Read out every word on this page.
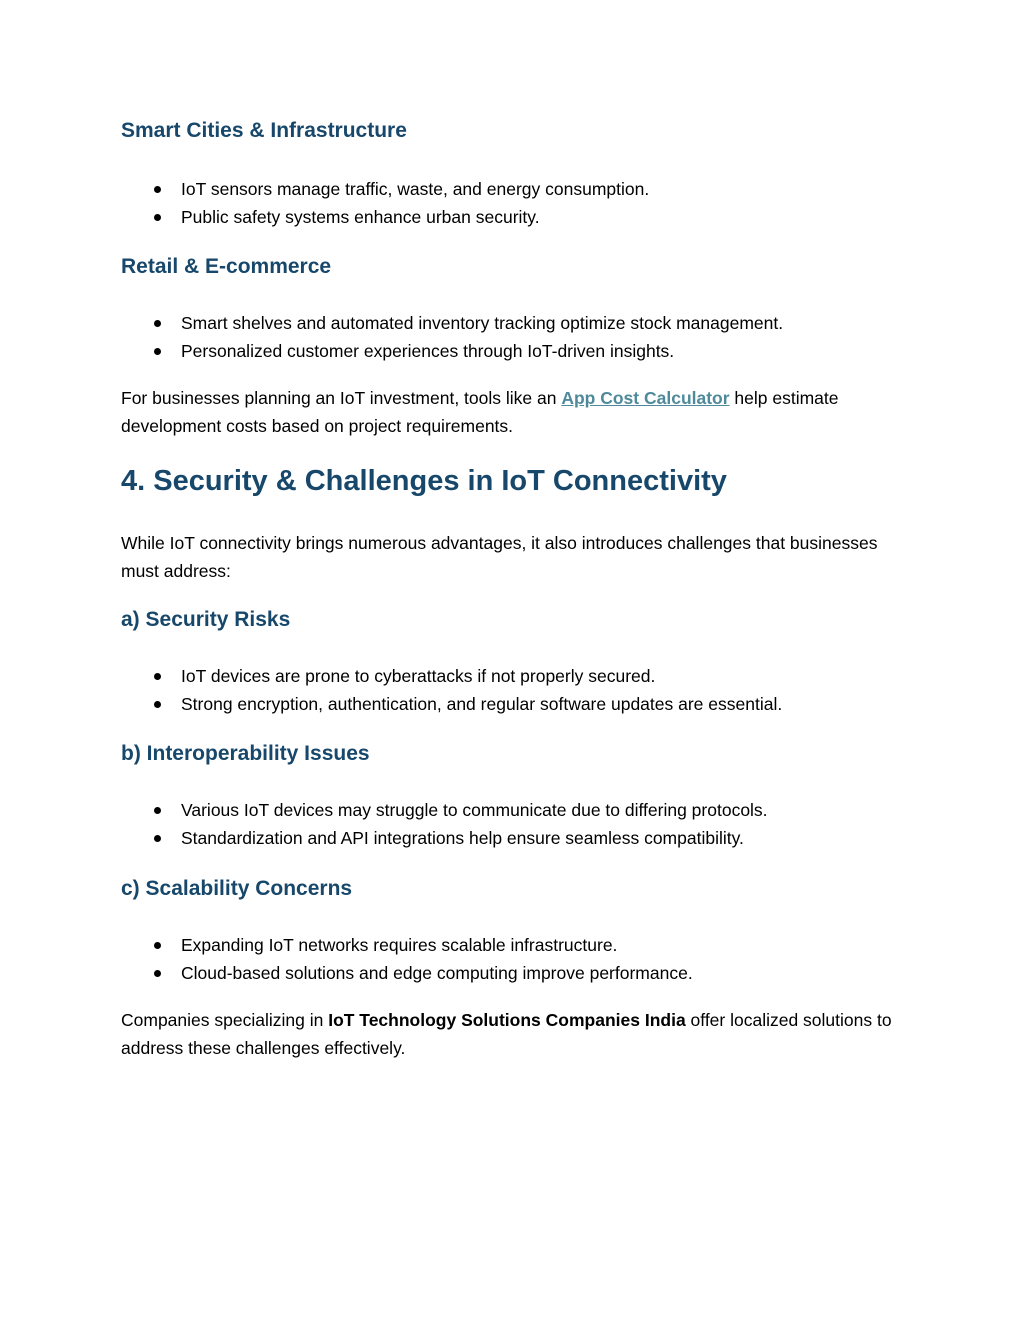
Smart Cities & Infrastructure
IoT sensors manage traffic, waste, and energy consumption.
Public safety systems enhance urban security.
Retail & E-commerce
Smart shelves and automated inventory tracking optimize stock management.
Personalized customer experiences through IoT-driven insights.

For businesses planning an IoT investment, tools like an App Cost Calculator help estimate development costs based on project requirements.

4. Security & Challenges in IoT Connectivity

While IoT connectivity brings numerous advantages, it also introduces challenges that businesses must address:

a) Security Risks
IoT devices are prone to cyberattacks if not properly secured.
Strong encryption, authentication, and regular software updates are essential.
b) Interoperability Issues
Various IoT devices may struggle to communicate due to differing protocols.
Standardization and API integrations help ensure seamless compatibility.
c) Scalability Concerns
Expanding IoT networks requires scalable infrastructure.
Cloud-based solutions and edge computing improve performance.

Companies specializing in IoT Technology Solutions Companies India offer localized solutions to address these challenges effectively.
